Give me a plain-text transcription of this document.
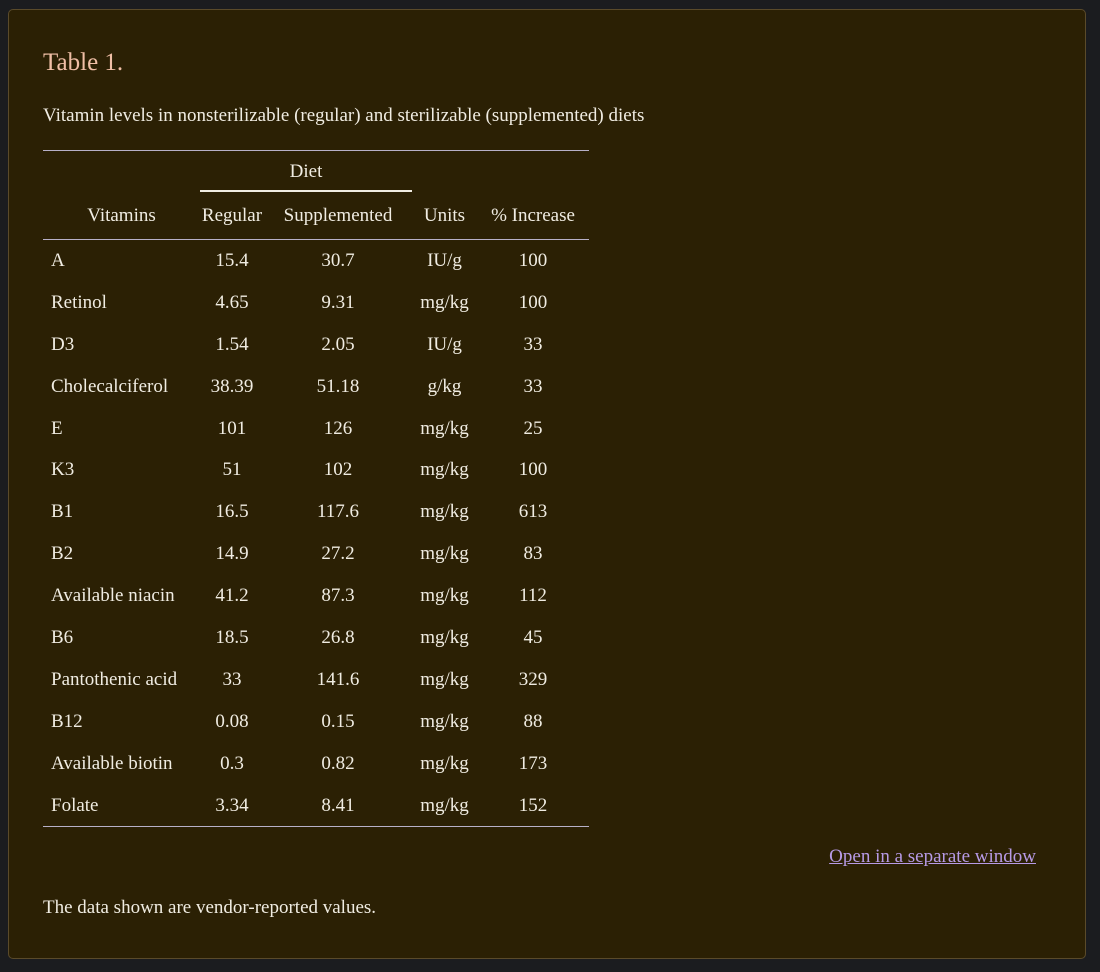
Table 1.

Vitamin levels in nonsterilizable (regular) and sterilizable (supplemented) diets

	Diet	

Vitamins	Regular	Supplemented	Units	% Increase
A	15.4	30.7	IU/g	100
Retinol	4.65	9.31	mg/kg	100
D3	1.54	2.05	IU/g	33
Cholecalciferol	38.39	51.18	g/kg	33
E	101	126	mg/kg	25
K3	51	102	mg/kg	100
B1	16.5	117.6	mg/kg	613
B2	14.9	27.2	mg/kg	83
Available niacin	41.2	87.3	mg/kg	112
B6	18.5	26.8	mg/kg	45
Pantothenic acid	33	141.6	mg/kg	329
B12	0.08	0.15	mg/kg	88
Available biotin	0.3	0.82	mg/kg	173
Folate	3.34	8.41	mg/kg	152
Open in a separate window

The data shown are vendor-reported values.
